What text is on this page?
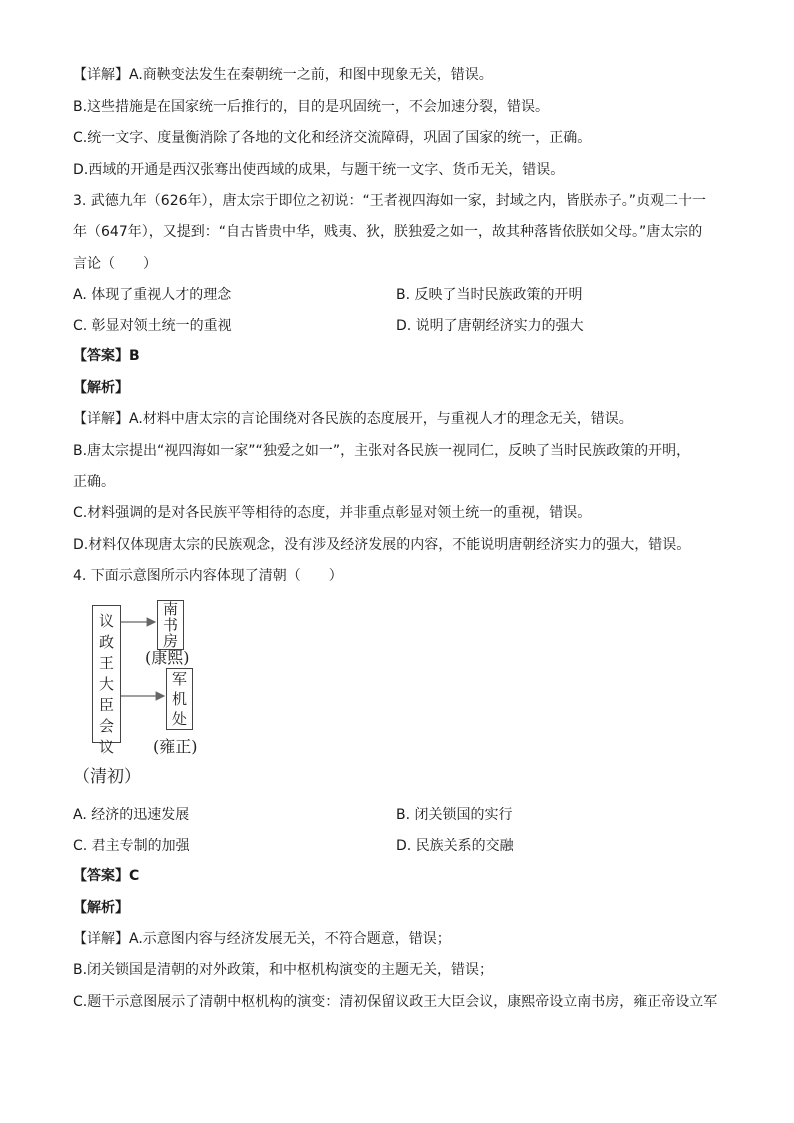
【详解】A.商鞅变法发生在秦朝统一之前，和图中现象无关，错误。
B.这些措施是在国家统一后推行的，目的是巩固统一，不会加速分裂，错误。
C.统一文字、度量衡消除了各地的文化和经济交流障碍，巩固了国家的统一，正确。
D.西域的开通是西汉张骞出使西域的成果，与题干统一文字、货币无关，错误。
3. 武德九年（626年），唐太宗于即位之初说：“王者视四海如一家，封域之内，皆朕赤子。”贞观二十一
年（647年），又提到：“自古皆贵中华，贱夷、狄，朕独爱之如一，故其种落皆依朕如父母。”唐太宗的
言论（　　）
A. 体现了重视人才的理念	B. 反映了当时民族政策的开明
C. 彰显对领土统一的重视	D. 说明了唐朝经济实力的强大
【答案】B
【解析】
【详解】A.材料中唐太宗的言论围绕对各民族的态度展开，与重视人才的理念无关，错误。
B.唐太宗提出“视四海如一家”“独爱之如一”，主张对各民族一视同仁，反映了当时民族政策的开明，
正确。
C.材料强调的是对各民族平等相待的态度，并非重点彰显对领土统一的重视，错误。
D.材料仅体现唐太宗的民族观念，没有涉及经济发展的内容，不能说明唐朝经济实力的强大，错误。
4. 下面示意图所示内容体现了清朝（　　）
议
政
王
大
臣
会
议
南
书
房
(康熙)
军
机
处
(雍正)
（清初）
A. 经济的迅速发展	B. 闭关锁国的实行
C. 君主专制的加强	D. 民族关系的交融
【答案】C
【解析】
【详解】A.示意图内容与经济发展无关，不符合题意，错误；
B.闭关锁国是清朝的对外政策，和中枢机构演变的主题无关，错误；
C.题干示意图展示了清朝中枢机构的演变：清初保留议政王大臣会议，康熙帝设立南书房，雍正帝设立军
